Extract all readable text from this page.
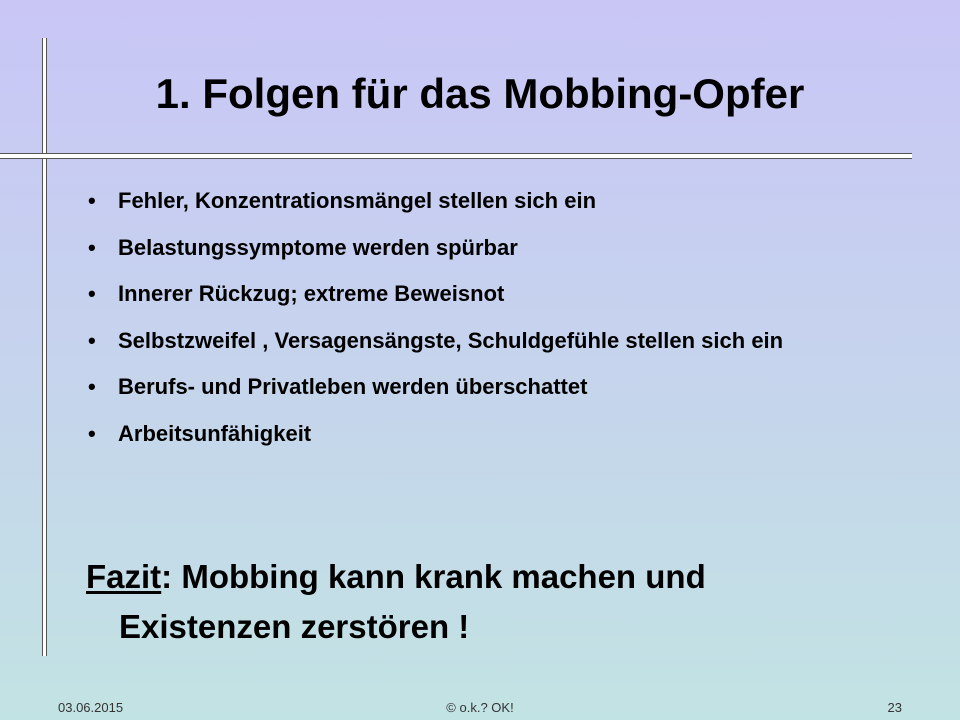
1. Folgen für das Mobbing-Opfer
• Fehler, Konzentrationsmängel stellen sich ein
• Belastungssymptome werden spürbar
• Innerer Rückzug; extreme Beweisnot
• Selbstzweifel , Versagensängste, Schuldgefühle stellen sich ein
• Berufs- und Privatleben werden überschattet
• Arbeitsunfähigkeit
Fazit: Mobbing kann krank machen und
Existenzen zerstören !
03.06.2015	© o.k.? OK!	23
